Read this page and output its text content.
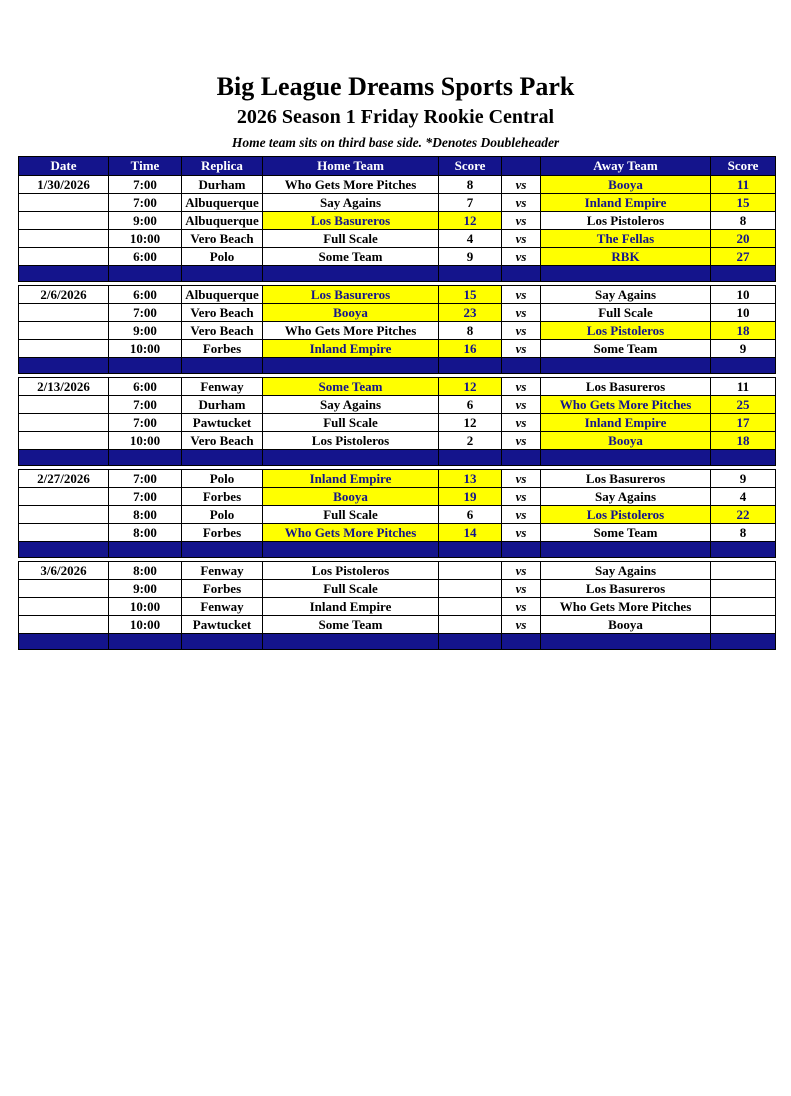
Big League Dreams Sports Park
2026 Season 1 Friday Rookie Central
Home team sits on third base side. *Denotes Doubleheader
Date	Time	Replica	Home Team	Score		Away Team	Score
1/30/2026	7:00	Durham	Who Gets More Pitches	8	vs	Booya	11
	7:00	Albuquerque	Say Agains	7	vs	Inland Empire	15
	9:00	Albuquerque	Los Basureros	12	vs	Los Pistoleros	8
	10:00	Vero Beach	Full Scale	4	vs	The Fellas	20
	6:00	Polo	Some Team	9	vs	RBK	27

2/6/2026	6:00	Albuquerque	Los Basureros	15	vs	Say Agains	10
	7:00	Vero Beach	Booya	23	vs	Full Scale	10
	9:00	Vero Beach	Who Gets More Pitches	8	vs	Los Pistoleros	18
	10:00	Forbes	Inland Empire	16	vs	Some Team	9

2/13/2026	6:00	Fenway	Some Team	12	vs	Los Basureros	11
	7:00	Durham	Say Agains	6	vs	Who Gets More Pitches	25
	7:00	Pawtucket	Full Scale	12	vs	Inland Empire	17
	10:00	Vero Beach	Los Pistoleros	2	vs	Booya	18

2/27/2026	7:00	Polo	Inland Empire	13	vs	Los Basureros	9
	7:00	Forbes	Booya	19	vs	Say Agains	4
	8:00	Polo	Full Scale	6	vs	Los Pistoleros	22
	8:00	Forbes	Who Gets More Pitches	14	vs	Some Team	8

3/6/2026	8:00	Fenway	Los Pistoleros		vs	Say Agains	
	9:00	Forbes	Full Scale		vs	Los Basureros	
	10:00	Fenway	Inland Empire		vs	Who Gets More Pitches	
	10:00	Pawtucket	Some Team		vs	Booya	
